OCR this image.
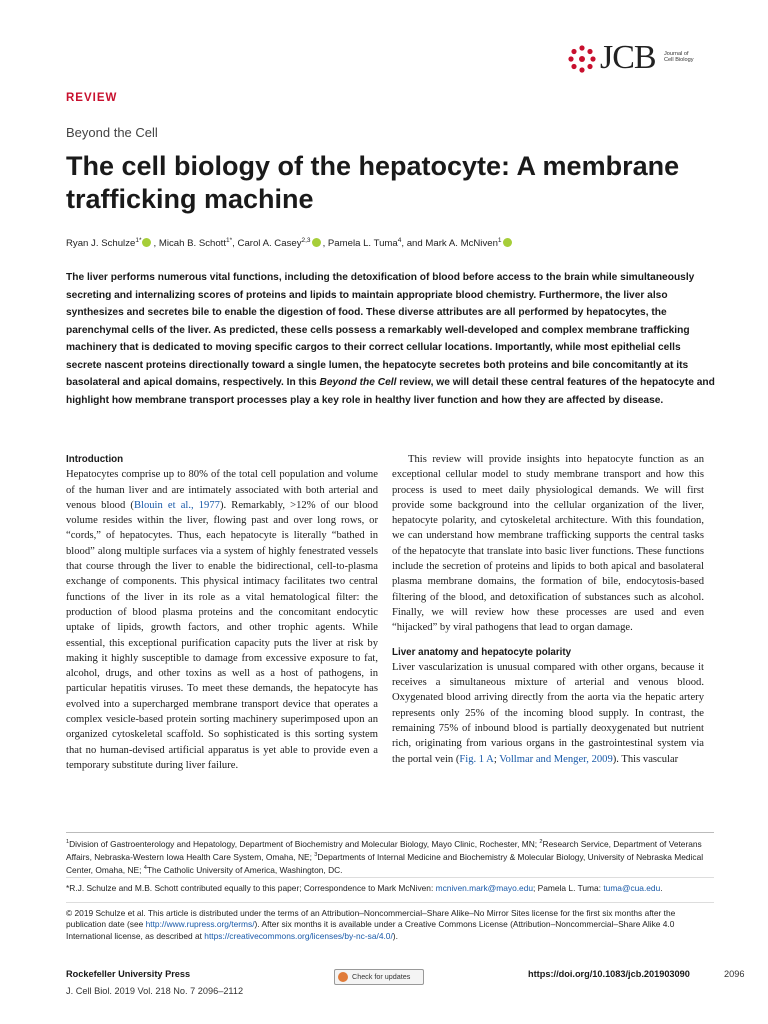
JCB Journal of
Cell Biology
REVIEW
Beyond the Cell
The cell biology of the hepatocyte: A membrane trafficking machine
Ryan J. Schulze$^{1*}$ , Micah B. Schott$^{1*}$, Carol A. Casey$^{2,3}$ , Pamela L. Tuma$^4$, and Mark A. McNiven$^1$
The liver performs numerous vital functions, including the detoxification of blood before access to the brain while simultaneously secreting and internalizing scores of proteins and lipids to maintain appropriate blood chemistry. Furthermore, the liver also synthesizes and secretes bile to enable the digestion of food. These diverse attributes are all performed by hepatocytes, the parenchymal cells of the liver. As predicted, these cells possess a remarkably well-developed and complex membrane trafficking machinery that is dedicated to moving specific cargos to their correct cellular locations. Importantly, while most epithelial cells secrete nascent proteins directionally toward a single lumen, the hepatocyte secretes both proteins and bile concomitantly at its basolateral and apical domains, respectively. In this Beyond the Cell review, we will detail these central features of the hepatocyte and highlight how membrane transport processes play a key role in healthy liver function and how they are affected by disease.
Introduction

Hepatocytes comprise up to 80% of the total cell population and volume of the human liver and are intimately associated with both arterial and venous blood (Blouin et al., 1977). Remarkably, >12% of our blood volume resides within the liver, flowing past and over long rows, or “cords,” of hepatocytes. Thus, each hepatocyte is literally “bathed in blood” along multiple surfaces via a system of highly fenestrated vessels that course through the liver to enable the bidirectional, cell-to-plasma exchange of components. This physical intimacy facilitates two central functions of the liver in its role as a vital hematological filter: the production of blood plasma proteins and the concomitant endocytic uptake of lipids, growth factors, and other trophic agents. While essential, this exceptional purification capacity puts the liver at risk by making it highly susceptible to damage from excessive exposure to fat, alcohol, drugs, and other toxins as well as a host of pathogens, in particular hepatitis viruses. To meet these demands, the hepatocyte has evolved into a supercharged membrane transport device that operates a complex vesicle-based protein sorting machinery superimposed upon an organized cytoskeletal scaffold. So sophisticated is this sorting system that no human-devised artificial apparatus is yet able to provide even a temporary substitute during liver failure.

This review will provide insights into hepatocyte function as an exceptional cellular model to study membrane transport and how this process is used to meet daily physiological demands. We will first provide some background into the cellular organization of the liver, hepatocyte polarity, and cytoskeletal architecture. With this foundation, we can understand how membrane trafficking supports the central tasks of the hepatocyte that translate into basic liver functions. These functions include the secretion of proteins and lipids to both apical and basolateral plasma membrane domains, the formation of bile, endocytosis-based filtering of the blood, and detoxification of substances such as alcohol. Finally, we will review how these processes are used and even “hijacked” by viral pathogens that lead to organ damage.

Liver anatomy and hepatocyte polarity

Liver vascularization is unusual compared with other organs, because it receives a simultaneous mixture of arterial and venous blood. Oxygenated blood arriving directly from the aorta via the hepatic artery represents only 25% of the incoming blood supply. In contrast, the remaining 75% of inbound blood is partially deoxygenated but nutrient rich, originating from various organs in the gastrointestinal system via the portal vein (Fig. 1 A; Vollmar and Menger, 2009). This vascular

$^1$Division of Gastroenterology and Hepatology, Department of Biochemistry and Molecular Biology, Mayo Clinic, Rochester, MN; $^2$Research Service, Department of Veterans Affairs, Nebraska-Western Iowa Health Care System, Omaha, NE; $^3$Departments of Internal Medicine and Biochemistry & Molecular Biology, University of Nebraska Medical Center, Omaha, NE; $^4$The Catholic University of America, Washington, DC.
*R.J. Schulze and M.B. Schott contributed equally to this paper; Correspondence to Mark McNiven: mcniven.mark@mayo.edu; Pamela L. Tuma: tuma@cua.edu.
© 2019 Schulze et al. This article is distributed under the terms of an Attribution–Noncommercial–Share Alike–No Mirror Sites license for the first six months after the publication date (see http://www.rupress.org/terms/). After six months it is available under a Creative Commons License (Attribution–Noncommercial–Share Alike 4.0 International license, as described at https://creativecommons.org/licenses/by-nc-sa/4.0/).
Rockefeller University Press
J. Cell Biol. 2019 Vol. 218 No. 7 2096–2112
Check for updates	https://doi.org/10.1083/jcb.201903090	2096
